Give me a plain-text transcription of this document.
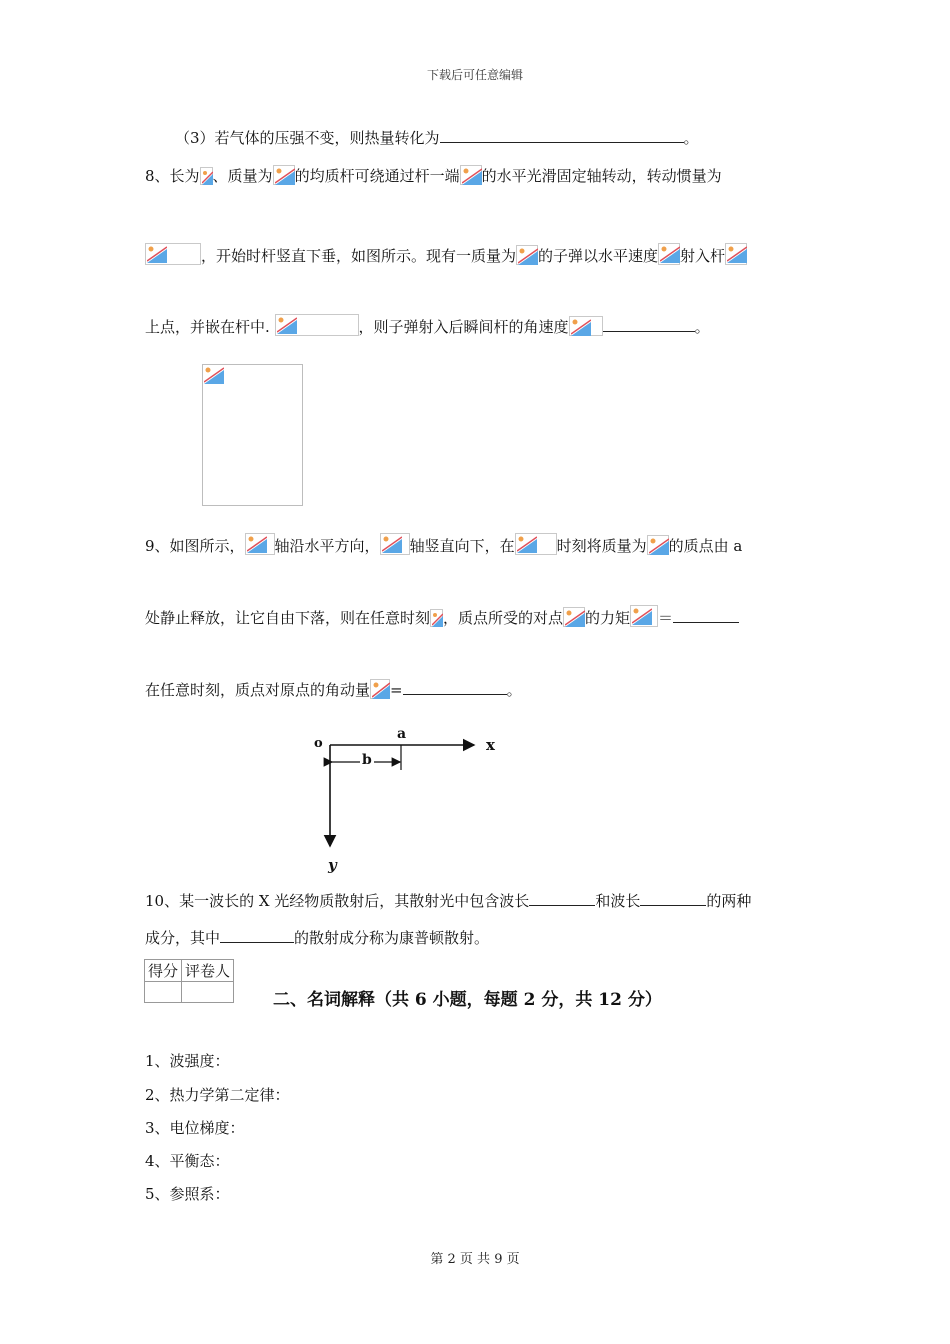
下载后可任意编辑
（3）若气体的压强不变，则热量转化为	。
8、长为 、质量为 的均质杆可绕通过杆一端 的水平光滑固定轴转动，转动惯量为
，开始时杆竖直下垂，如图所示。现有一质量为 的子弹以水平速度 射入杆
上点，并嵌在杆中.	，则子弹射入后瞬间杆的角速度	。
9、如图所示， 轴沿水平方向， 轴竖直向下，在	时刻将质量为 的质点由 a
处静止释放，让它自由下落，则在任意时刻 ，质点所受的对点 的力矩 ＝
在任意时刻，质点对原点的角动量 =	。
o
a
b
x
y
10、某一波长的 X 光经物质散射后，其散射光中包含波长	和波长	的两种
成分，其中	的散射成分称为康普顿散射。
得分	评卷人

二、名词解释（共 6 小题，每题 2 分，共 12 分）
1、波强度：
2、热力学第二定律：
3、电位梯度：
4、平衡态：
5、参照系：
第 2 页 共 9 页
